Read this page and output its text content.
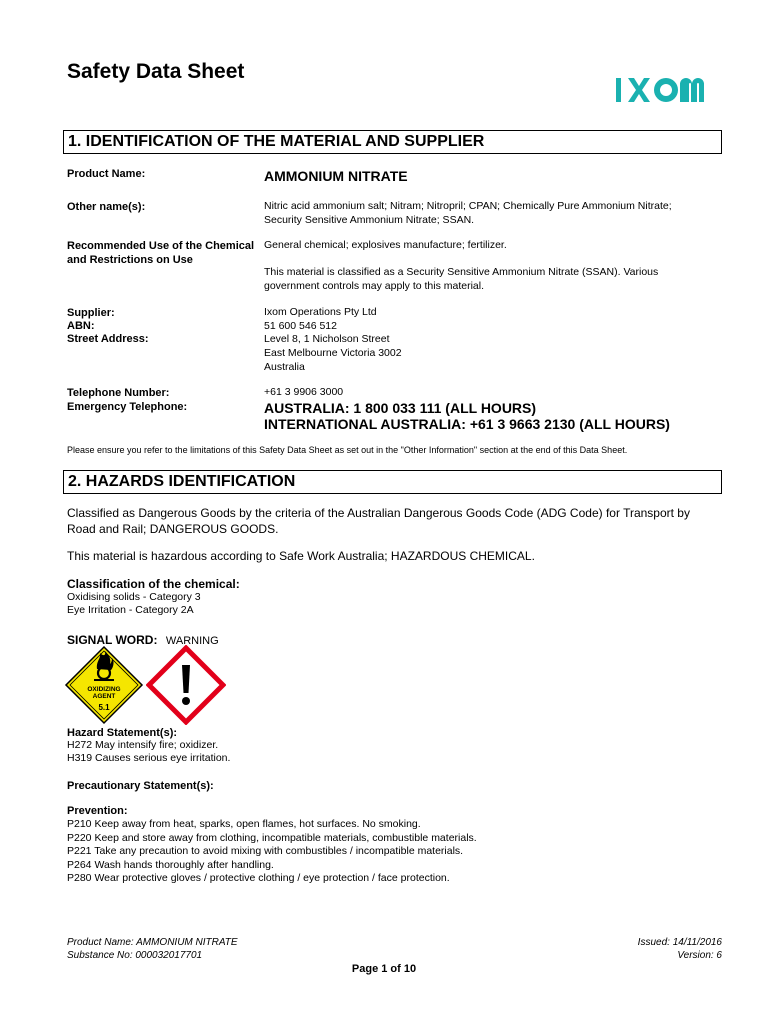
Safety Data Sheet
1. IDENTIFICATION OF THE MATERIAL AND SUPPLIER
Product Name:	AMMONIUM NITRATE
Other name(s):	Nitric acid ammonium salt; Nitram; Nitropril; CPAN; Chemically Pure Ammonium Nitrate;
Security Sensitive Ammonium Nitrate; SSAN.
Recommended Use of the Chemical
and Restrictions on Use
General chemical; explosives manufacture; fertilizer.
This material is classified as a Security Sensitive Ammonium Nitrate (SSAN). Various
government controls may apply to this material.
Supplier:
ABN:
Street Address:
Ixom Operations Pty Ltd
51 600 546 512
Level 8, 1 Nicholson Street
East Melbourne Victoria 3002
Australia
Telephone Number:
Emergency Telephone:
+61 3 9906 3000
AUSTRALIA: 1 800 033 111 (ALL HOURS)
INTERNATIONAL AUSTRALIA: +61 3 9663 2130 (ALL HOURS)
Please ensure you refer to the limitations of this Safety Data Sheet as set out in the "Other Information" section at the end of this Data Sheet.
2. HAZARDS IDENTIFICATION
Classified as Dangerous Goods by the criteria of the Australian Dangerous Goods Code (ADG Code) for Transport by
Road and Rail; DANGEROUS GOODS.
This material is hazardous according to Safe Work Australia; HAZARDOUS CHEMICAL.
Classification of the chemical:
Oxidising solids - Category 3
Eye Irritation - Category 2A
SIGNAL WORD: WARNING
OXIDIZING
AGENT
5.1
Hazard Statement(s):
H272 May intensify fire; oxidizer.
H319 Causes serious eye irritation.
Precautionary Statement(s):
Prevention:
P210 Keep away from heat, sparks, open flames, hot surfaces. No smoking.
P220 Keep and store away from clothing, incompatible materials, combustible materials.
P221 Take any precaution to avoid mixing with combustibles / incompatible materials.
P264 Wash hands thoroughly after handling.
P280 Wear protective gloves / protective clothing / eye protection / face protection.
Product Name: AMMONIUM NITRATE
Substance No: 000032017701
Issued: 14/11/2016
Version: 6
Page 1 of 10
